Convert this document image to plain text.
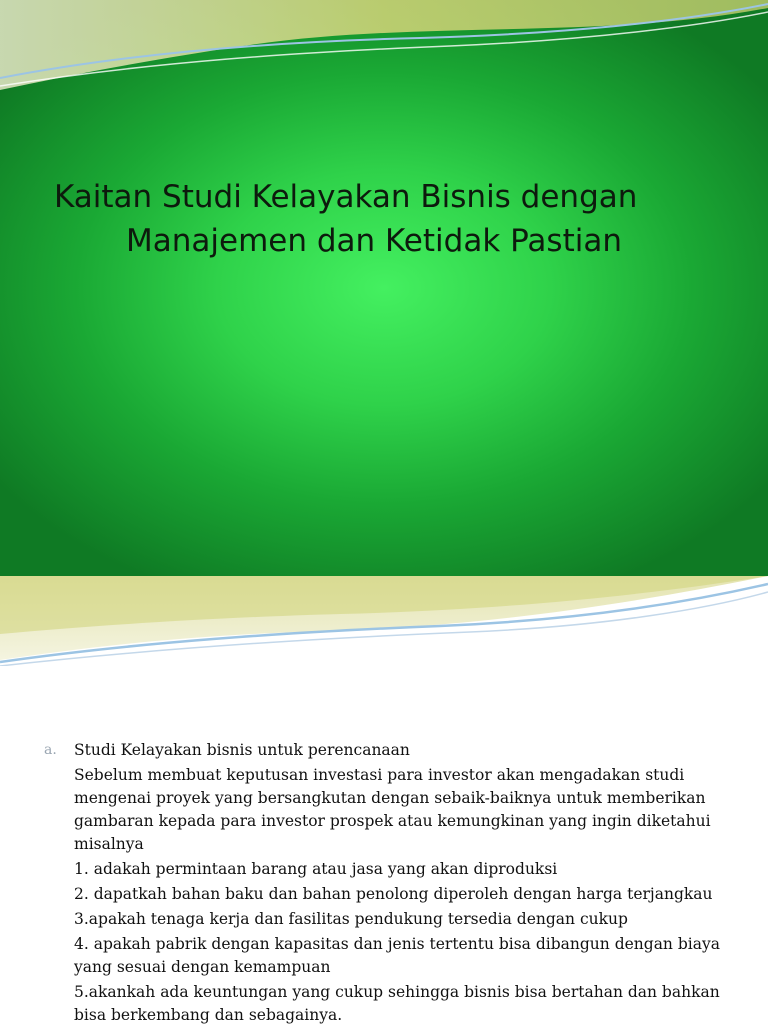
Kaitan Studi Kelayakan Bisnis dengan
Manajemen dan Ketidak Pastian
a.	Studi Kelayakan bisnis untuk perencanaan
Sebelum membuat keputusan investasi para investor akan mengadakan studi mengenai proyek yang bersangkutan dengan sebaik-baiknya untuk memberikan gambaran kepada para investor prospek atau kemungkinan yang ingin diketahui misalnya
1. adakah permintaan barang atau jasa yang akan diproduksi
2. dapatkah bahan baku dan bahan penolong diperoleh dengan harga terjangkau
3.apakah tenaga kerja dan fasilitas pendukung tersedia dengan cukup
4. apakah pabrik dengan kapasitas dan jenis tertentu bisa dibangun dengan biaya yang sesuai dengan kemampuan
5.akankah ada keuntungan yang cukup sehingga bisnis bisa bertahan dan bahkan bisa berkembang dan sebagainya.
